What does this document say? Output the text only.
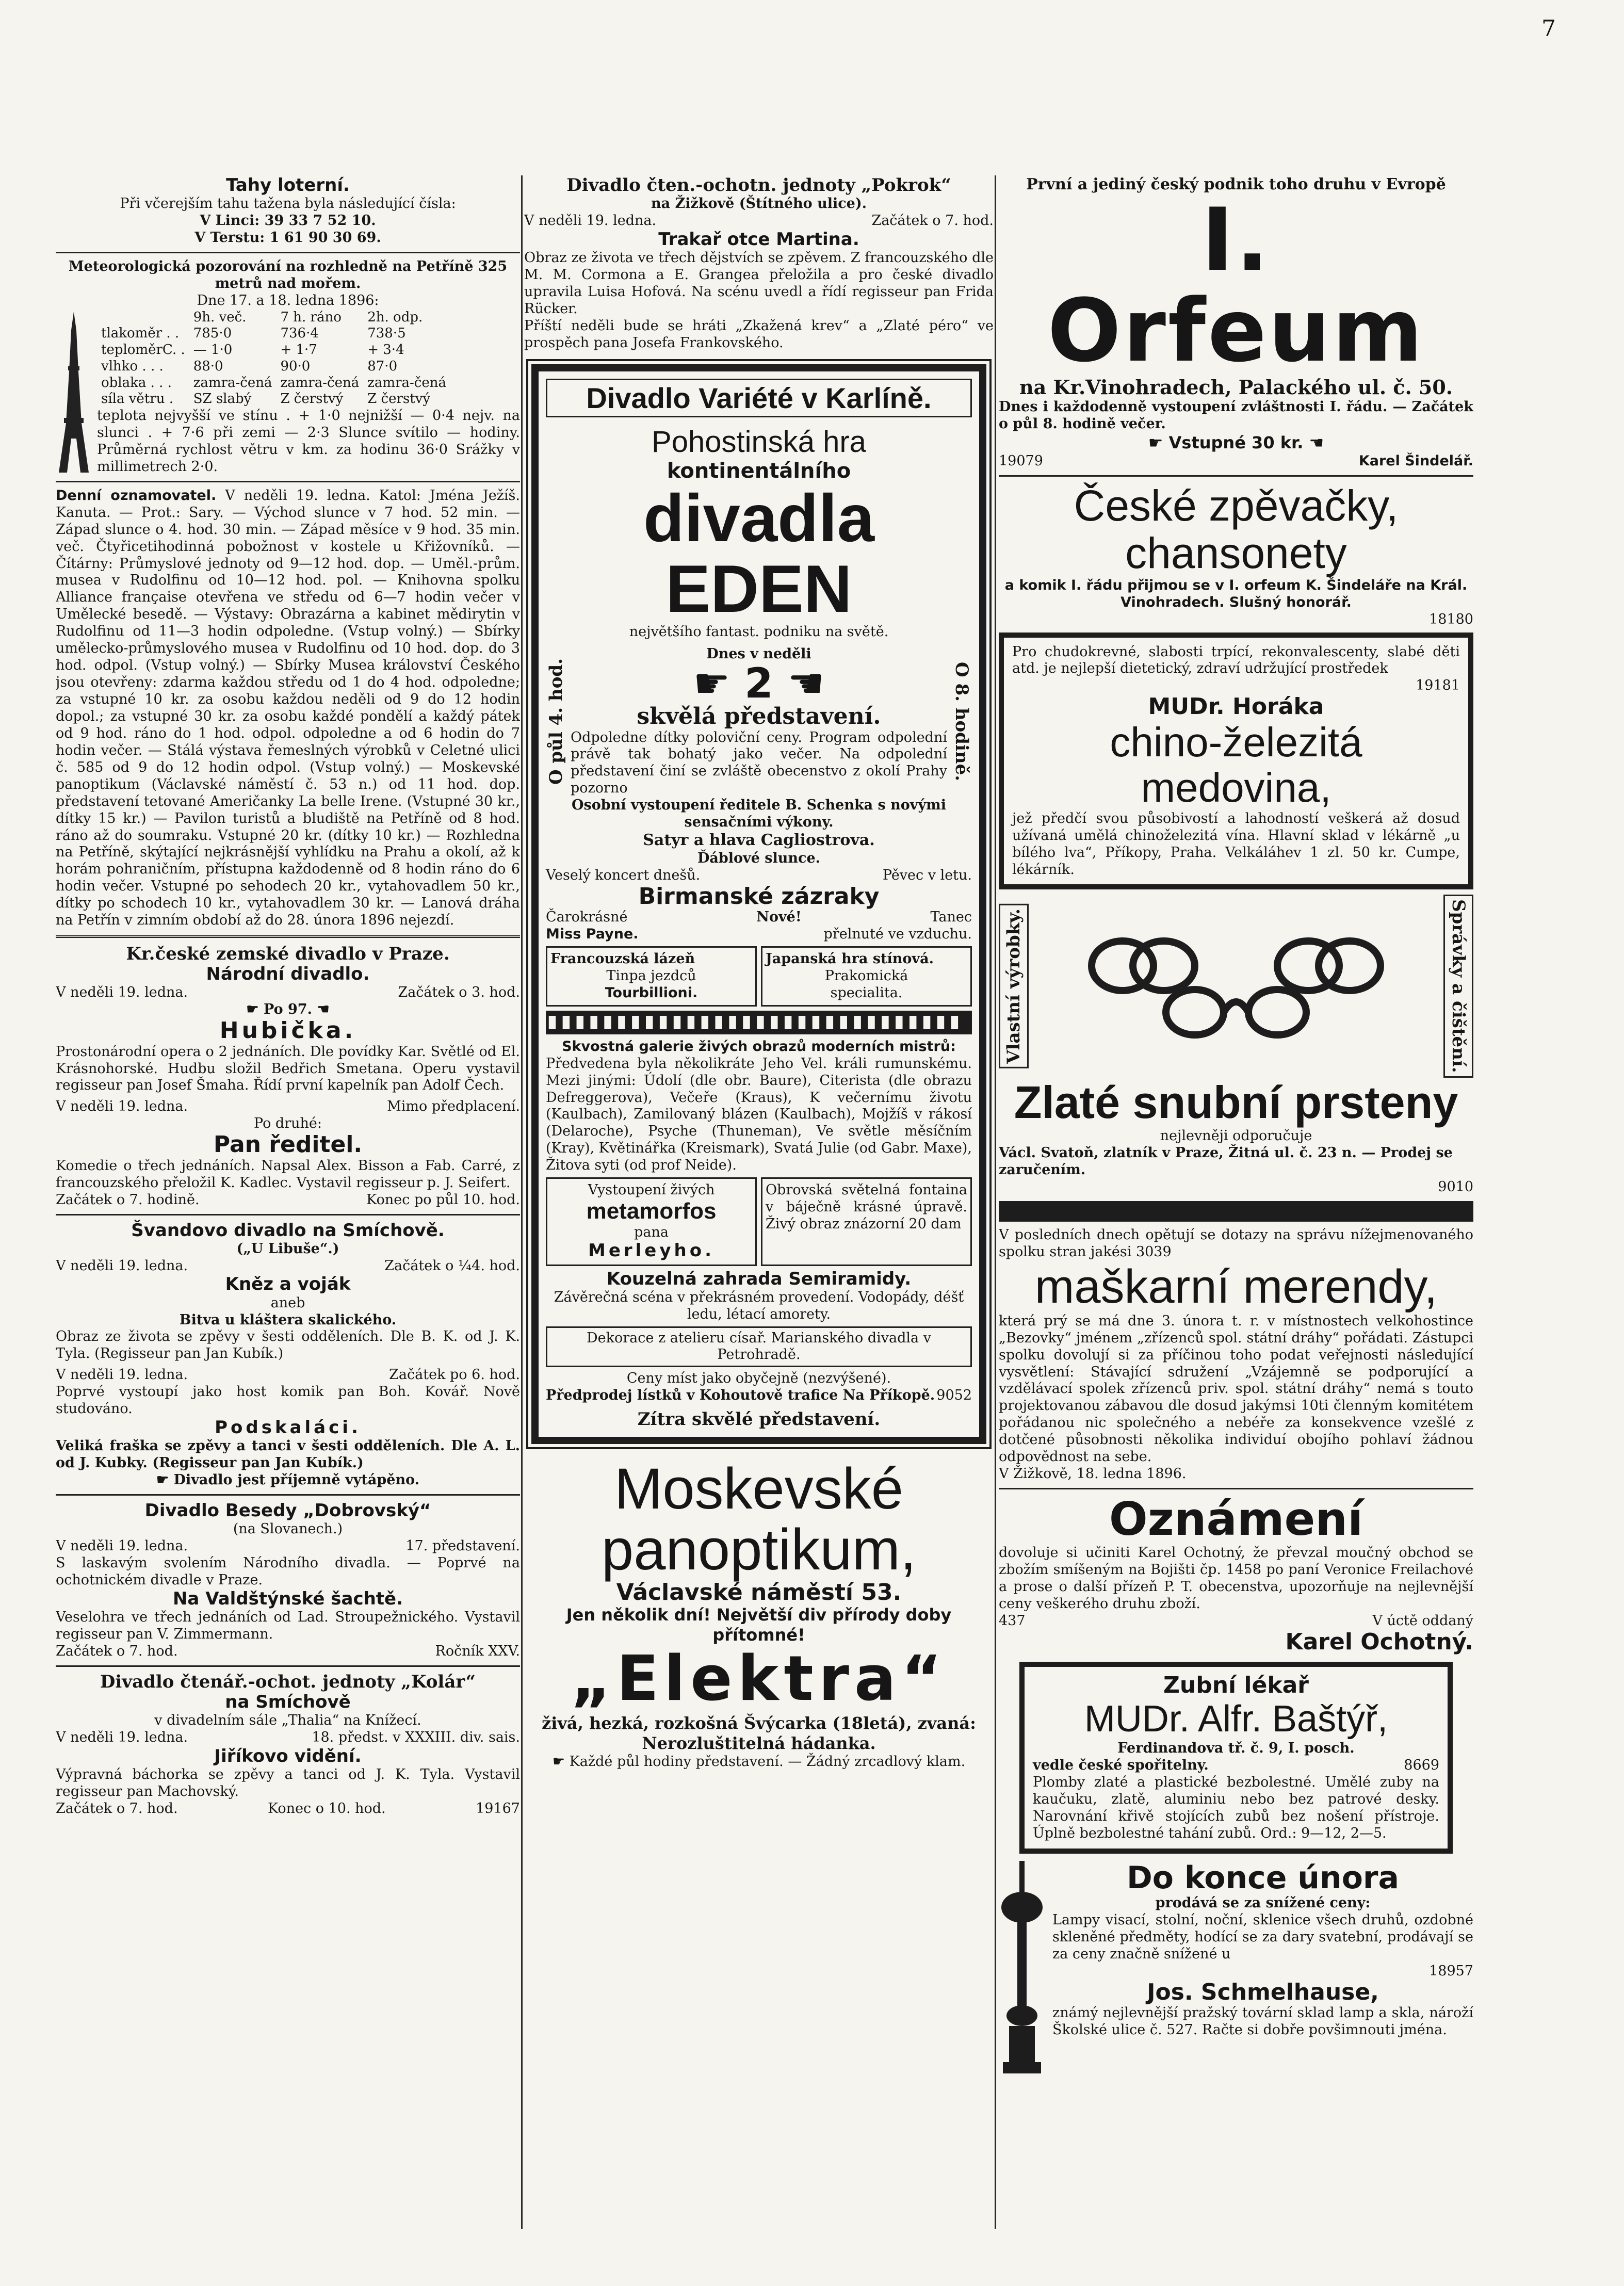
7
Tahy loterní.
Při včerejším tahu tažena byla následující čísla:
V Linci: 39 33 7 52 10.
V Terstu: 1 61 90 30 69.
Meteorologická pozorování na rozhledně na Petříně 325 metrů nad mořem.
Dne 17. a 18. ledna 1896:
	9h. več.	7 h. ráno	2h. odp.
tlakoměr . .	785·0	736·4	738·5
teploměrC. .	— 1·0	+ 1·7	+ 3·4
vlhko . . .	88·0	90·0	87·0
oblaka . . .	zamra-čená	zamra-čená	zamra-čená
síla větru .	SZ slabý	Z čerstvý	Z čerstvý
teplota nejvyšší ve stínu . + 1·0 nejnižší — 0·4 nejv. na slunci . + 7·6 při zemi — 2·3 Slunce svítilo — hodiny. Průměrná rychlost větru v km. za hodinu 36·0 Srážky v millimetrech 2·0.
Denní oznamovatel. V neděli 19. ledna. Katol: Jména Ježíš. Kanuta. — Prot.: Sary. — Východ slunce v 7 hod. 52 min. — Západ slunce o 4. hod. 30 min. — Západ měsíce v 9 hod. 35 min. več. Čtyřicetihodinná pobožnost v kostele u Křižovníků. — Čítárny: Průmyslové jednoty od 9—12 hod. dop. — Uměl.-prům. musea v Rudolfinu od 10—12 hod. pol. — Knihovna spolku Alliance française otevřena ve středu od 6—7 hodin večer v Umělecké besedě. — Výstavy: Obrazárna a kabinet mědirytin v Rudolfinu od 11—3 hodin odpoledne. (Vstup volný.) — Sbírky umělecko-průmyslového musea v Rudolfinu od 10 hod. dop. do 3 hod. odpol. (Vstup volný.) — Sbírky Musea království Českého jsou otevřeny: zdarma každou středu od 1 do 4 hod. odpoledne; za vstupné 10 kr. za osobu každou neděli od 9 do 12 hodin dopol.; za vstupné 30 kr. za osobu každé pondělí a každý pátek od 9 hod. ráno do 1 hod. odpol. odpoledne a od 6 hodin do 7 hodin večer. — Stálá výstava řemeslných výrobků v Celetné ulici č. 585 od 9 do 12 hodin odpol. (Vstup volný.) — Moskevské panoptikum (Václavské náměstí č. 53 n.) od 11 hod. dop. představení tetované Američanky La belle Irene. (Vstupné 30 kr., dítky 15 kr.) — Pavilon turistů a bludiště na Petříně od 8 hod. ráno až do soumraku. Vstupné 20 kr. (dítky 10 kr.) — Rozhledna na Petříně, skýtající nejkrásnější vyhlídku na Prahu a okolí, až k horám pohraničním, přístupna každodenně od 8 hodin ráno do 6 hodin večer. Vstupné po sehodech 20 kr., vytahovadlem 50 kr., dítky po schodech 10 kr., vytahovadlem 30 kr. — Lanová dráha na Petřín v zimním období až do 28. února 1896 nejezdí.
Kr.české zemské divadlo v Praze.
Národní divadlo.
V neděli 19. ledna.	Začátek o 3. hod.
☛ Po 97. ☚
Hubička.
Prostonárodní opera o 2 jednáních. Dle povídky Kar. Světlé od El. Krásnohorské. Hudbu složil Bedřich Smetana. Operu vystavil regisseur pan Josef Šmaha. Řídí první kapelník pan Adolf Čech.
V neděli 19. ledna.	Mimo předplacení.
Po druhé:
Pan ředitel.
Komedie o třech jednáních. Napsal Alex. Bisson a Fab. Carré, z francouzského přeložil K. Kadlec. Vystavil regisseur p. J. Seifert.
Začátek o 7. hodině.	Konec po půl 10. hod.
Švandovo divadlo na Smíchově.
(„U Libuše“.)
V neděli 19. ledna.	Začátek o ¼4. hod.
Kněz a voják
aneb
Bitva u kláštera skalického.
Obraz ze života se zpěvy v šesti odděleních. Dle B. K. od J. K. Tyla. (Regisseur pan Jan Kubík.)
V neděli 19. ledna.	Začátek po 6. hod.
Poprvé vystoupí jako host komik pan Boh. Kovář. Nově studováno.
Podskaláci.
Veliká fraška se zpěvy a tanci v šesti odděleních. Dle A. L. od J. Kubky. (Regisseur pan Jan Kubík.)
☛ Divadlo jest příjemně vytápěno.
Divadlo Besedy „Dobrovský“
(na Slovanech.)
V neděli 19. ledna.	17. představení.
S laskavým svolením Národního divadla. — Poprvé na ochotnickém divadle v Praze.
Na Valdštýnské šachtě.
Veselohra ve třech jednáních od Lad. Stroupežnického. Vystavil regisseur pan V. Zimmermann.
Začátek o 7. hod.	Ročník XXV.
Divadlo čtenář.-ochot. jednoty „Kolár“
na Smíchově
v divadelním sále „Thalia“ na Knížecí.
V neděli 19. ledna.	18. předst. v XXXIII. div. sais.
Jiříkovo vidění.
Výpravná báchorka se zpěvy a tanci od J. K. Tyla. Vystavil regisseur pan Machovský.
Začátek o 7. hod.	Konec o 10. hod.	19167
Divadlo čten.-ochotn. jednoty „Pokrok“
na Žižkově (Štítného ulice).
V neděli 19. ledna.	Začátek o 7. hod.
Trakař otce Martina.
Obraz ze života ve třech dějstvích se zpěvem. Z francouzského dle M. M. Cormona a E. Grangea přeložila a pro české divadlo upravila Luisa Hofová. Na scénu uvedl a řídí regisseur pan Frida Rücker.
Příští neděli bude se hráti „Zkažená krev“ a „Zlaté péro“ ve prospěch pana Josefa Frankovského.
Divadlo Variété v Karlíně.
Pohostinská hra
kontinentálního
divadla EDEN
největšího fantast. podniku na světě.
O půl 4. hod.
Dnes v neděli
☛ 2 ☚
skvělá představení.
Odpoledne dítky poloviční ceny. Program odpolední právě tak bohatý jako večer. Na odpolední představení činí se zvláště obecenstvo z okolí Prahy pozorno
O 8. hodině.
Osobní vystoupení ředitele B. Schenka s novými sensačními výkony.
Satyr a hlava Cagliostrova.
Ďáblové slunce.
Veselý koncert dnešů.	Pěvec v letu.
Birmanské zázraky
Čarokrásné	Nové!	Tanec
Miss Payne.	přelnuté ve vzduchu.

Francouzská lázeň

Tinpa jezdců

Tourbillioni.

Japanská hra stínová.

Prakomická

specialita.

Skvostná galerie živých obrazů moderních mistrů:
Předvedena byla několikráte Jeho Vel. králi rumunskému. Mezi jinými: Údolí (dle obr. Baure), Citerista (dle obrazu Defreggerova), Večeře (Kraus), K večernímu životu (Kaulbach), Zamilovaný blázen (Kaulbach), Mojžíš v rákosí (Delaroche), Psyche (Thuneman), Ve světle měsíčním (Kray), Květinářka (Kreismark), Svatá Julie (od Gabr. Maxe), Žitova syti (od prof Neide).
Vystoupení živých
metamorfos
pana
Merleyho.
Obrovská světelná fontaina v báječně krásné úpravě. Živý obraz znázorní 20 dam
Kouzelná zahrada Semiramidy.
Závěrečná scéna v překrásném provedení. Vodopády, déšť ledu, létací amorety.
Dekorace z atelieru císař. Marianského divadla v Petrohradě.
Ceny míst jako obyčejně (nezvýšené).
Předprodej lístků v Kohoutově trafice Na Příkopě. 9052
Zítra skvělé představení.
Moskevské panoptikum,
Václavské náměstí 53.
Jen několik dní! Největší div přírody doby přítomné!
„Elektra“
živá, hezká, rozkošná Švýcarka (18letá), zvaná: Nerozluštitelná hádanka.
☛ Každé půl hodiny představení. — Žádný zrcadlový klam.
První a jediný český podnik toho druhu v Evropě
I. Orfeum
na Kr.Vinohradech, Palackého ul. č. 50.
Dnes i každodenně vystoupení zvláštnosti I. řádu. — Začátek o půl 8. hodině večer.
☛ Vstupné 30 kr. ☚
19079	Karel Šindelář.
České zpěvačky, chansonety
a komik I. řádu přijmou se v I. orfeum K. Šindeláře na Král. Vinohradech. Slušný honorář.
18180
Pro chudokrevné, slabosti trpící, rekonvalescenty, slabé děti atd. je nejlepší dietetický, zdraví udržující prostředek
19181
MUDr. Horáka
chino-železitá medovina,
jež předčí svou působivostí a lahodností veškerá až dosud užívaná umělá chinoželezitá vína. Hlavní sklad v lékárně „u bílého lva“, Příkopy, Praha. Velkáláhev 1 zl. 50 kr. Cumpe, lékárník.
Vlastní výrobky.	Správky a čištění.
Zlaté snubní prsteny
nejlevněji odporučuje
Václ. Svatoň, zlatník v Praze, Žitná ul. č. 23 n. — Prodej se zaručením.
9010
V posledních dnech opětují se dotazy na správu nížejmenovaného spolku stran jakési 3039
maškarní merendy,
která prý se má dne 3. února t. r. v místnostech velkohostince „Bezovky“ jménem „zřízenců spol. státní dráhy“ pořádati. Zástupci spolku dovolují si za příčinou toho podat veřejnosti následující vysvětlení: Stávající sdružení „Vzájemně se podporující a vzdělávací spolek zřízenců priv. spol. státní dráhy“ nemá s touto projektovanou zábavou dle dosud jakýmsi 10ti členným komitétem pořádanou nic společného a nebéře za konsekvence vzešlé z dotčené působnosti několika individuí obojího pohlaví žádnou odpovědnost na sebe.
V Žižkově, 18. ledna 1896.
Oznámení
dovoluje si učiniti Karel Ochotný, že převzal moučný obchod se zbožím smíšeným na Bojišti čp. 1458 po paní Veronice Freilachové a prose o další přízeň P. T. obecenstva, upozorňuje na nejlevnější ceny veškerého druhu zboží.
437	V úctě oddaný
Karel Ochotný.
Zubní lékař
MUDr. Alfr. Baštýř,
Ferdinandova tř. č. 9, I. posch.
vedle české spořitelny.	8669
Plomby zlaté a plastické bezbolestné. Umělé zuby na kaučuku, zlatě, aluminiu nebo bez patrové desky. Narovnání křivě stojících zubů bez nošení přístroje. Úplně bezbolestné tahání zubů. Ord.: 9—12, 2—5.
Do konce února
prodává se za snížené ceny:
Lampy visací, stolní, noční, sklenice všech druhů, ozdobné skleněné předměty, hodící se za dary svatební, prodávají se za ceny značně snížené u
18957
Jos. Schmelhause,
známý nejlevnější pražský tovární sklad lamp a skla, nároží Školské ulice č. 527. Račte si dobře povšimnouti jména.
